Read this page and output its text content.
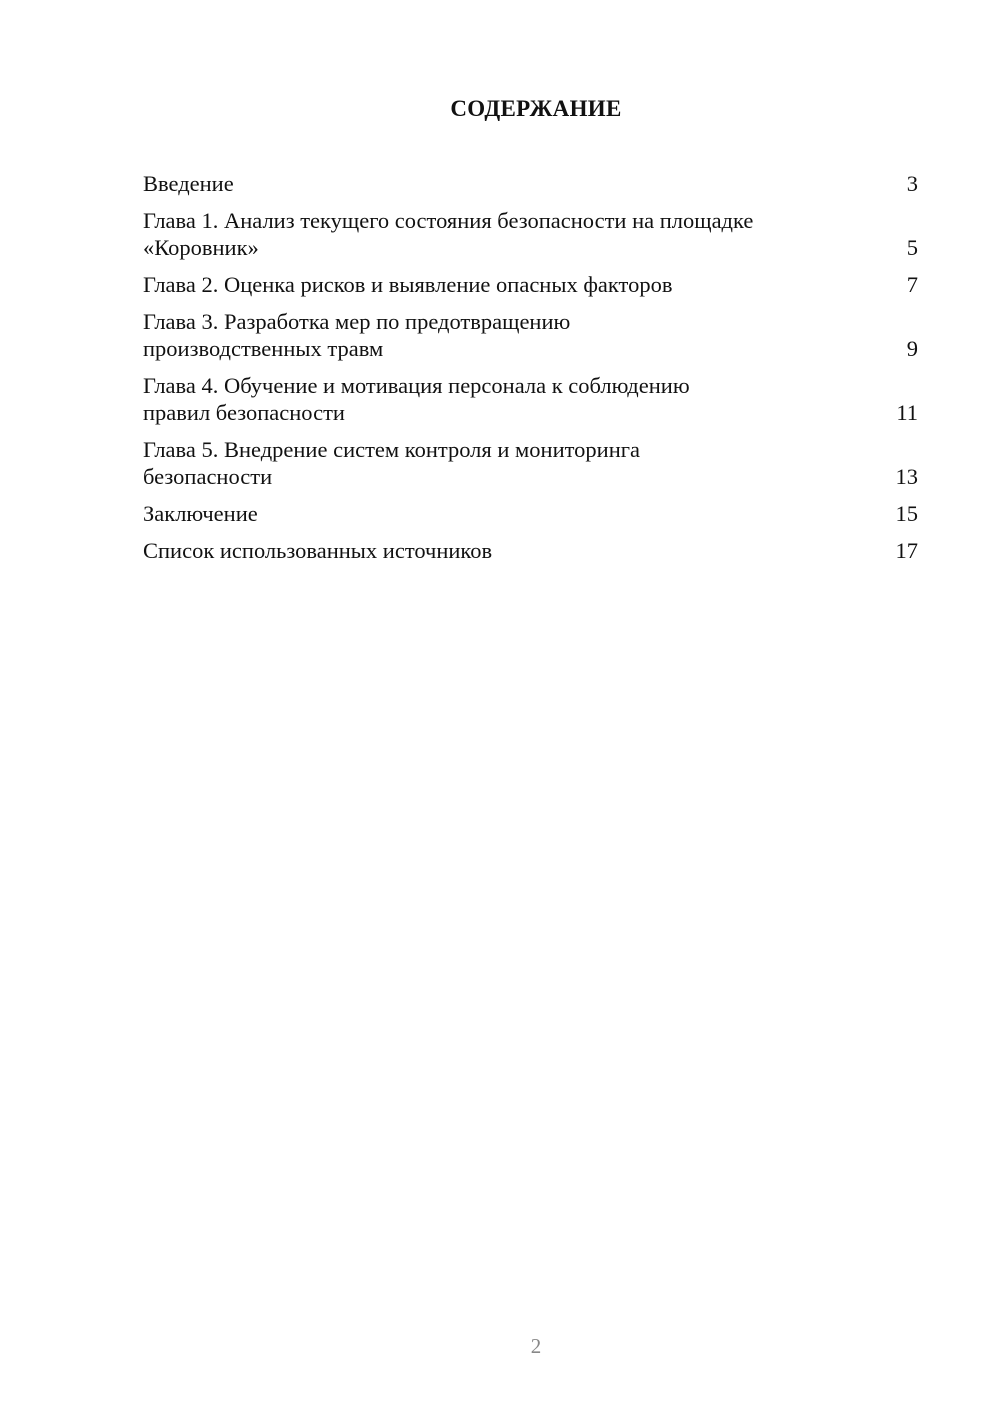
СОДЕРЖАНИЕ
Введение	3
Глава 1. Анализ текущего состояния безопасности на площадке
«Коровник»	5
Глава 2. Оценка рисков и выявление опасных факторов	7
Глава 3. Разработка мер по предотвращению
производственных травм	9
Глава 4. Обучение и мотивация персонала к соблюдению
правил безопасности	11
Глава 5. Внедрение систем контроля и мониторинга
безопасности	13
Заключение	15
Список использованных источников	17
2
